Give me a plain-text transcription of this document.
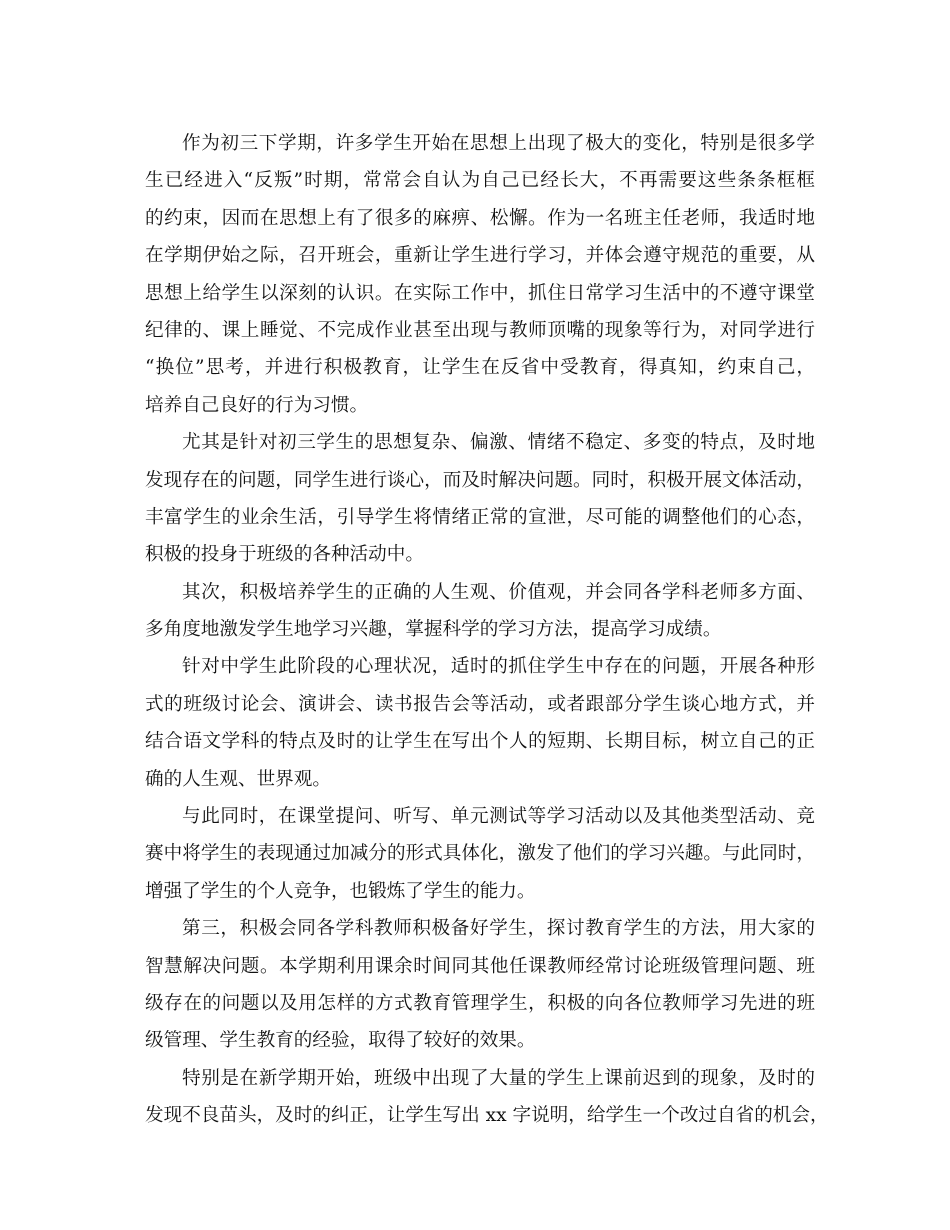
作为初三下学期，许多学生开始在思想上出现了极大的变化，特别是很多学
生已经进入“反叛”时期，常常会自认为自己已经长大，不再需要这些条条框框
的约束，因而在思想上有了很多的麻痹、松懈。作为一名班主任老师，我适时地
在学期伊始之际，召开班会，重新让学生进行学习，并体会遵守规范的重要，从
思想上给学生以深刻的认识。在实际工作中，抓住日常学习生活中的不遵守课堂
纪律的、课上睡觉、不完成作业甚至出现与教师顶嘴的现象等行为，对同学进行
“换位”思考，并进行积极教育，让学生在反省中受教育，得真知，约束自己，
培养自己良好的行为习惯。
尤其是针对初三学生的思想复杂、偏激、情绪不稳定、多变的特点，及时地
发现存在的问题，同学生进行谈心，而及时解决问题。同时，积极开展文体活动，
丰富学生的业余生活，引导学生将情绪正常的宣泄，尽可能的调整他们的心态，
积极的投身于班级的各种活动中。
其次，积极培养学生的正确的人生观、价值观，并会同各学科老师多方面、
多角度地激发学生地学习兴趣，掌握科学的学习方法，提高学习成绩。
针对中学生此阶段的心理状况，适时的抓住学生中存在的问题，开展各种形
式的班级讨论会、演讲会、读书报告会等活动，或者跟部分学生谈心地方式，并
结合语文学科的特点及时的让学生在写出个人的短期、长期目标，树立自己的正
确的人生观、世界观。
与此同时，在课堂提问、听写、单元测试等学习活动以及其他类型活动、竞
赛中将学生的表现通过加减分的形式具体化，激发了他们的学习兴趣。与此同时，
增强了学生的个人竞争，也锻炼了学生的能力。
第三，积极会同各学科教师积极备好学生，探讨教育学生的方法，用大家的
智慧解决问题。本学期利用课余时间同其他任课教师经常讨论班级管理问题、班
级存在的问题以及用怎样的方式教育管理学生，积极的向各位教师学习先进的班
级管理、学生教育的经验，取得了较好的效果。
特别是在新学期开始，班级中出现了大量的学生上课前迟到的现象，及时的
发现不良苗头，及时的纠正，让学生写出 xx 字说明，给学生一个改过自省的机会，
